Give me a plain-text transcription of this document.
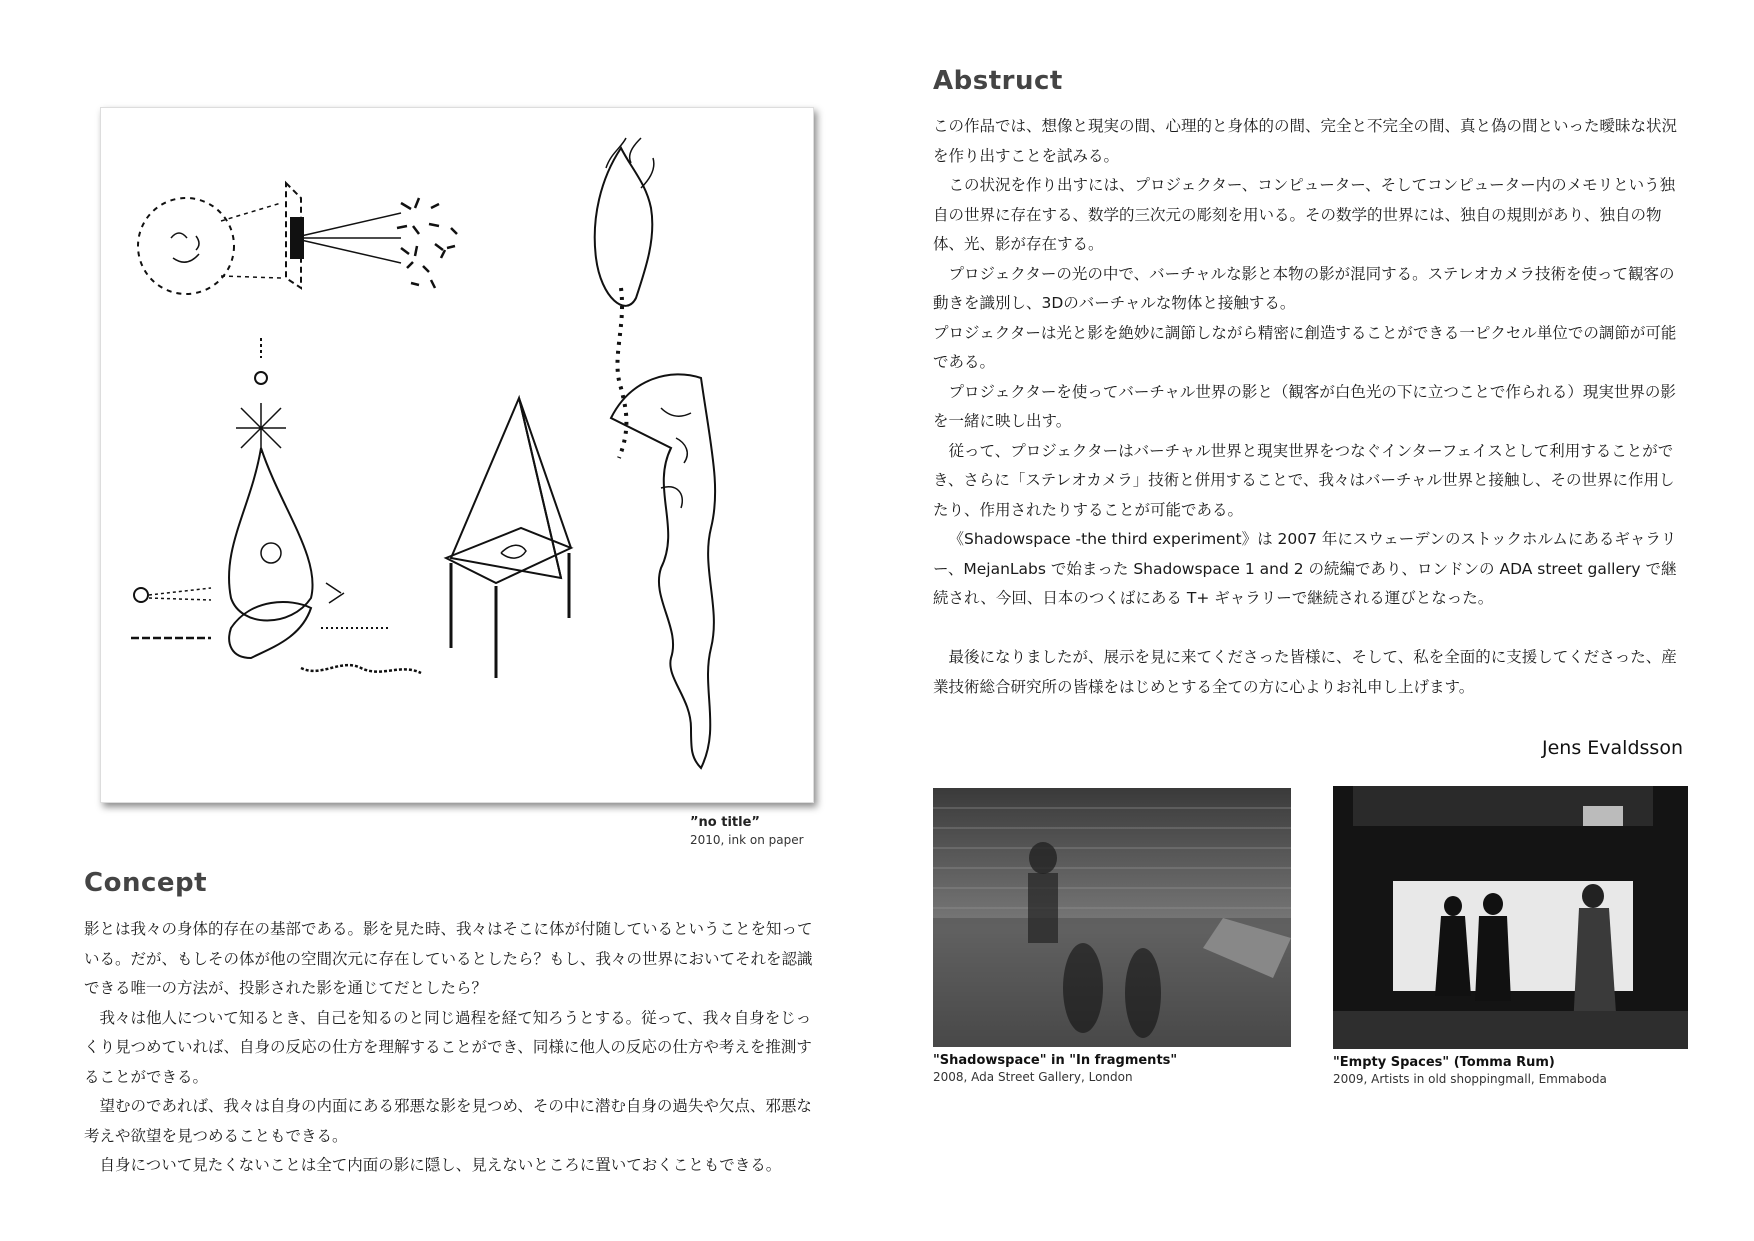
”no title”
2010, ink on paper
Concept

影とは我々の身体的存在の基部である。影を見た時、我々はそこに体が付随しているということを知っている。だが、もしその体が他の空間次元に存在しているとしたら？もし、我々の世界においてそれを認識できる唯一の方法が、投影された影を通じてだとしたら？

我々は他人について知るとき、自己を知るのと同じ過程を経て知ろうとする。従って、我々自身をじっくり見つめていれば、自身の反応の仕方を理解することができ、同様に他人の反応の仕方や考えを推測することができる。

望むのであれば、我々は自身の内面にある邪悪な影を見つめ、その中に潜む自身の過失や欠点、邪悪な考えや欲望を見つめることもできる。

自身について見たくないことは全て内面の影に隠し、見えないところに置いておくこともできる。

Abstruct

この作品では、想像と現実の間、心理的と身体的の間、完全と不完全の間、真と偽の間といった曖昧な状況を作り出すことを試みる。

この状況を作り出すには、プロジェクター、コンピューター、そしてコンピューター内のメモリという独自の世界に存在する、数学的三次元の彫刻を用いる。その数学的世界には、独自の規則があり、独自の物体、光、影が存在する。

プロジェクターの光の中で、バーチャルな影と本物の影が混同する。ステレオカメラ技術を使って観客の動きを識別し、3Dのバーチャルな物体と接触する。

プロジェクターは光と影を絶妙に調節しながら精密に創造することができる一ピクセル単位での調節が可能である。

プロジェクターを使ってバーチャル世界の影と（観客が白色光の下に立つことで作られる）現実世界の影を一緒に映し出す。

従って、プロジェクターはバーチャル世界と現実世界をつなぐインターフェイスとして利用することができ、さらに「ステレオカメラ」技術と併用することで、我々はバーチャル世界と接触し、その世界に作用したり、作用されたりすることが可能である。

《Shadowspace -the third experiment》は 2007 年にスウェーデンのストックホルムにあるギャラリー、MejanLabs で始まった Shadowspace 1 and 2 の続編であり、ロンドンの ADA street gallery で継続され、今回、日本のつくばにある T+ ギャラリーで継続される運びとなった。

最後になりましたが、展示を見に来てくださった皆様に、そして、私を全面的に支援してくださった、産業技術総合研究所の皆様をはじめとする全ての方に心よりお礼申し上げます。

Jens Evaldsson
"Shadowspace" in "In fragments"
2008, Ada Street Gallery, London
"Empty Spaces" (Tomma Rum)
2009, Artists in old shoppingmall, Emmaboda
